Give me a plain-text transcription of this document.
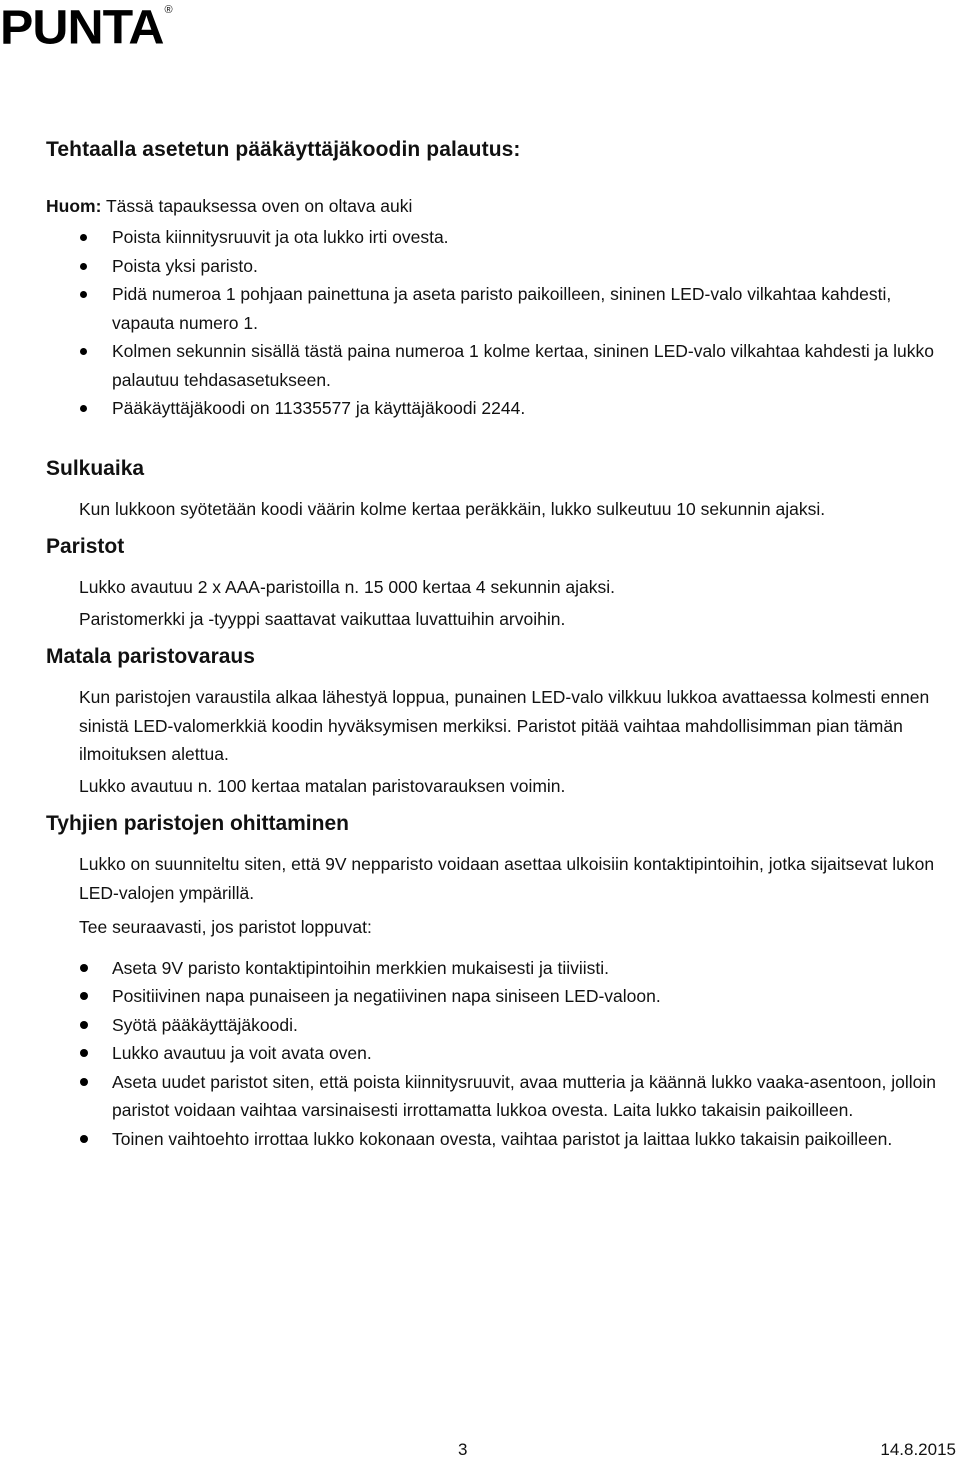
PUNTA®
Tehtaalla asetetun pääkäyttäjäkoodin palautus:
Huom: Tässä tapauksessa oven on oltava auki
Poista kiinnitysruuvit ja ota lukko irti ovesta.
Poista yksi paristo.
Pidä numeroa 1 pohjaan painettuna ja aseta paristo paikoilleen, sininen LED-valo vilkahtaa kahdesti, vapauta numero 1.
Kolmen sekunnin sisällä tästä paina numeroa 1 kolme kertaa, sininen LED-valo vilkahtaa kahdesti ja lukko palautuu tehdasasetukseen.
Pääkäyttäjäkoodi on 11335577 ja käyttäjäkoodi 2244.
Sulkuaika

Kun lukkoon syötetään koodi väärin kolme kertaa peräkkäin, lukko sulkeutuu 10 sekunnin ajaksi.

Paristot

Lukko avautuu 2 x AAA-paristoilla n. 15 000 kertaa 4 sekunnin ajaksi.

Paristomerkki ja -tyyppi saattavat vaikuttaa luvattuihin arvoihin.

Matala paristovaraus

Kun paristojen varaustila alkaa lähestyä loppua, punainen LED-valo vilkkuu lukkoa avattaessa kolmesti ennen sinistä LED-valomerkkiä koodin hyväksymisen merkiksi. Paristot pitää vaihtaa mahdollisimman pian tämän ilmoituksen alettua.

Lukko avautuu n. 100 kertaa matalan paristovarauksen voimin.

Tyhjien paristojen ohittaminen

Lukko on suunniteltu siten, että 9V nepparisto voidaan asettaa ulkoisiin kontaktipintoihin, jotka sijaitsevat lukon LED-valojen ympärillä.

Tee seuraavasti, jos paristot loppuvat:

Aseta 9V paristo kontaktipintoihin merkkien mukaisesti ja tiiviisti.
Positiivinen napa punaiseen ja negatiivinen napa siniseen LED-valoon.
Syötä pääkäyttäjäkoodi.
Lukko avautuu ja voit avata oven.
Aseta uudet paristot siten, että poista kiinnitysruuvit, avaa mutteria ja käännä lukko vaaka-asentoon, jolloin paristot voidaan vaihtaa varsinaisesti irrottamatta lukkoa ovesta. Laita lukko takaisin paikoilleen.
Toinen vaihtoehto irrottaa lukko kokonaan ovesta, vaihtaa paristot ja laittaa lukko takaisin paikoilleen.
3	14.8.2015
